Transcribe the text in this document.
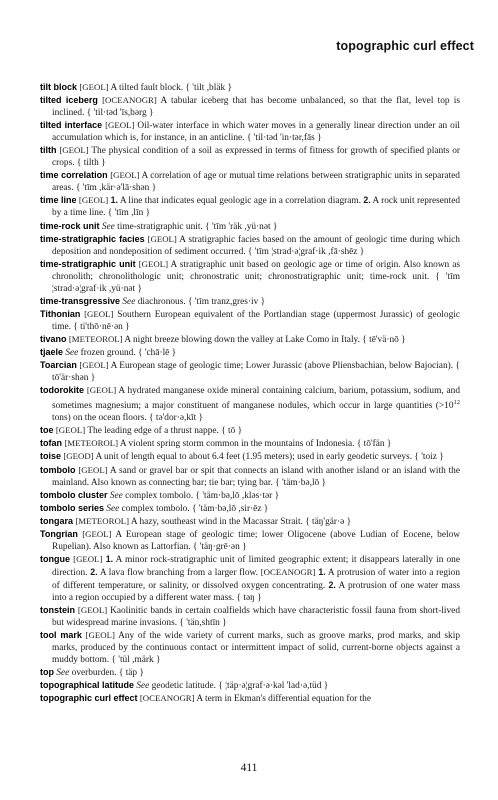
topographic curl effect

tilt block [GEOL] A tilted fault block. { 'tilt ,bläk }

tilted iceberg [OCEANOGR] A tabular iceberg that has become unbalanced, so that the flat, level top is inclined. { 'til·təd 'īs,bərg }

tilted interface [GEOL] Oil-water interface in which water moves in a generally linear direction under an oil accumulation which is, for instance, in an anticline. { 'til·təd 'in·tər,fās }

tilth [GEOL] The physical condition of a soil as expressed in terms of fitness for growth of specified plants or crops. { tilth }

time correlation [GEOL] A correlation of age or mutual time relations between stratigraphic units in separated areas. { 'tīm ,kär·ə'lā·shən }

time line [GEOL] 1. A line that indicates equal geologic age in a correlation diagram. 2. A rock unit represented by a time line. { 'tīm ,līn }

time-rock unit See time-stratigraphic unit. { 'tīm 'räk ,yü·nət }

time-stratigraphic facies [GEOL] A stratigraphic facies based on the amount of geologic time during which deposition and nondeposition of sediment occurred. { 'tīm ¦strad·ə¦graf·ik ,fā·shēz }

time-stratigraphic unit [GEOL] A stratigraphic unit based on geologic age or time of origin. Also known as chronolith; chronolithologic unit; chronostratic unit; chronostratigraphic unit; time-rock unit. { 'tīm ¦strad·ə¦graf·ik ,yü·nət }

time-transgressive See diachronous. { 'tīm tranz,gres·iv }

Tithonian [GEOL] Southern European equivalent of the Portlandian stage (uppermost Jurassic) of geologic time. { ti'thō·nē·ən }

tivano [METEOROL] A night breeze blowing down the valley at Lake Como in Italy. { tē'vä·nō }

tjaele See frozen ground. { 'chā·lē }

Toarcian [GEOL] A European stage of geologic time; Lower Jurassic (above Pliensbachian, below Bajocian). { tō'är·shən }

todorokite [GEOL] A hydrated manganese oxide mineral containing calcium, barium, potassium, sodium, and sometimes magnesium; a major constituent of manganese nodules, which occur in large quantities ($>10^{12}$ tons) on the ocean floors. { tə'dor·ə,kīt }

toe [GEOL] The leading edge of a thrust nappe. { tō }

tofan [METEOROL] A violent spring storm common in the mountains of Indonesia. { tō'fän }

toise [GEOD] A unit of length equal to about 6.4 feet (1.95 meters); used in early geodetic surveys. { 'toiz }

tombolo [GEOL] A sand or gravel bar or spit that connects an island with another island or an island with the mainland. Also known as connecting bar; tie bar; tying bar. { 'täm·bə,lō }

tombolo cluster See complex tombolo. { 'täm·bə,lō ,kləs·tər }

tombolo series See complex tombolo. { 'täm·bə,lō ,sir·ēz }

tongara [METEOROL] A hazy, southeast wind in the Macassar Strait. { täŋ'gär·ə }

Tongrian [GEOL] A European stage of geologic time; lower Oligocene (above Ludian of Eocene, below Rupelian). Also known as Lattorfian. { 'täŋ·grē·ən }

tongue [GEOL] 1. A minor rock-stratigraphic unit of limited geographic extent; it disappears laterally in one direction. 2. A lava flow branching from a larger flow. [OCEANOGR] 1. A protrusion of water into a region of different temperature, or salinity, or dissolved oxygen concentrating. 2. A protrusion of one water mass into a region occupied by a different water mass. { təŋ }

tonstein [GEOL] Kaolinitic bands in certain coalfields which have characteristic fossil fauna from short-lived but widespread marine invasions. { 'tän,shtīn }

tool mark [GEOL] Any of the wide variety of current marks, such as groove marks, prod marks, and skip marks, produced by the continuous contact or intermittent impact of solid, current-borne objects against a muddy bottom. { 'tül ,märk }

top See overburden. { täp }

topographical latitude See geodetic latitude. { ¦täp·ə¦graf·ə·kəl 'lad·ə,tüd }

topographic curl effect [OCEANOGR] A term in Ekman's differential equation for the

411
